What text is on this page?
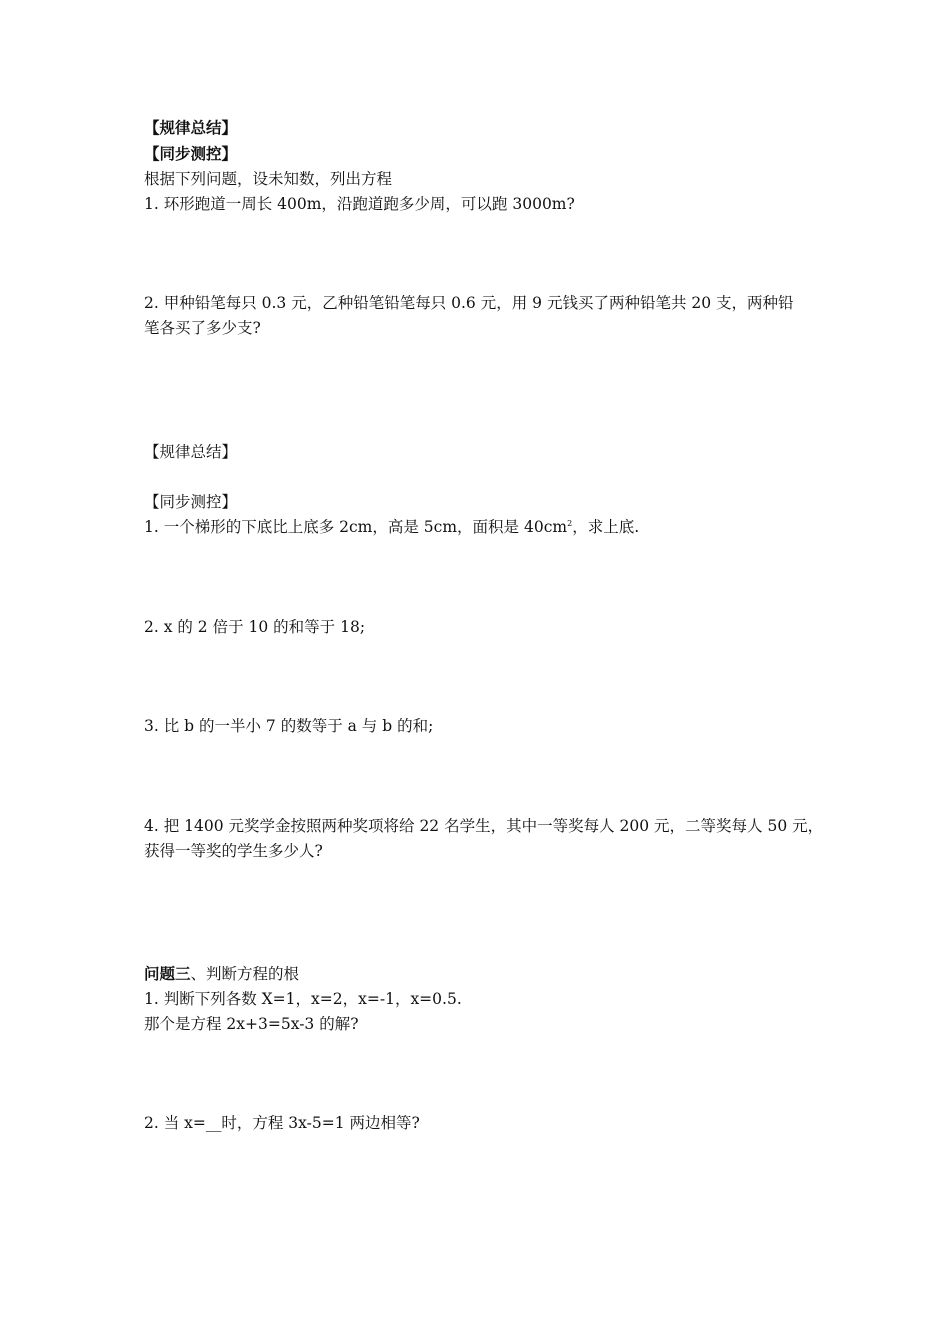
【规律总结】
【同步测控】
根据下列问题，设未知数，列出方程
1. 环形跑道一周长 400m，沿跑道跑多少周，可以跑 3000m?
2. 甲种铅笔每只 0.3 元，乙种铅笔铅笔每只 0.6 元，用 9 元钱买了两种铅笔共 20 支，两种铅
笔各买了多少支?
【规律总结】
【同步测控】
1. 一个梯形的下底比上底多 2cm，高是 5cm，面积是 $40cm^2$，求上底.
2. x 的 2 倍于 10 的和等于 18;
3. 比 b 的一半小 7 的数等于 a 与 b 的和;
4. 把 1400 元奖学金按照两种奖项将给 22 名学生，其中一等奖每人 200 元，二等奖每人 50 元，
获得一等奖的学生多少人?
问题三、判断方程的根
1. 判断下列各数 X=1，x=2，x=-1，x=0.5.
那个是方程 2x+3=5x-3 的解?
2. 当 x=__时，方程 3x-5=1 两边相等?
